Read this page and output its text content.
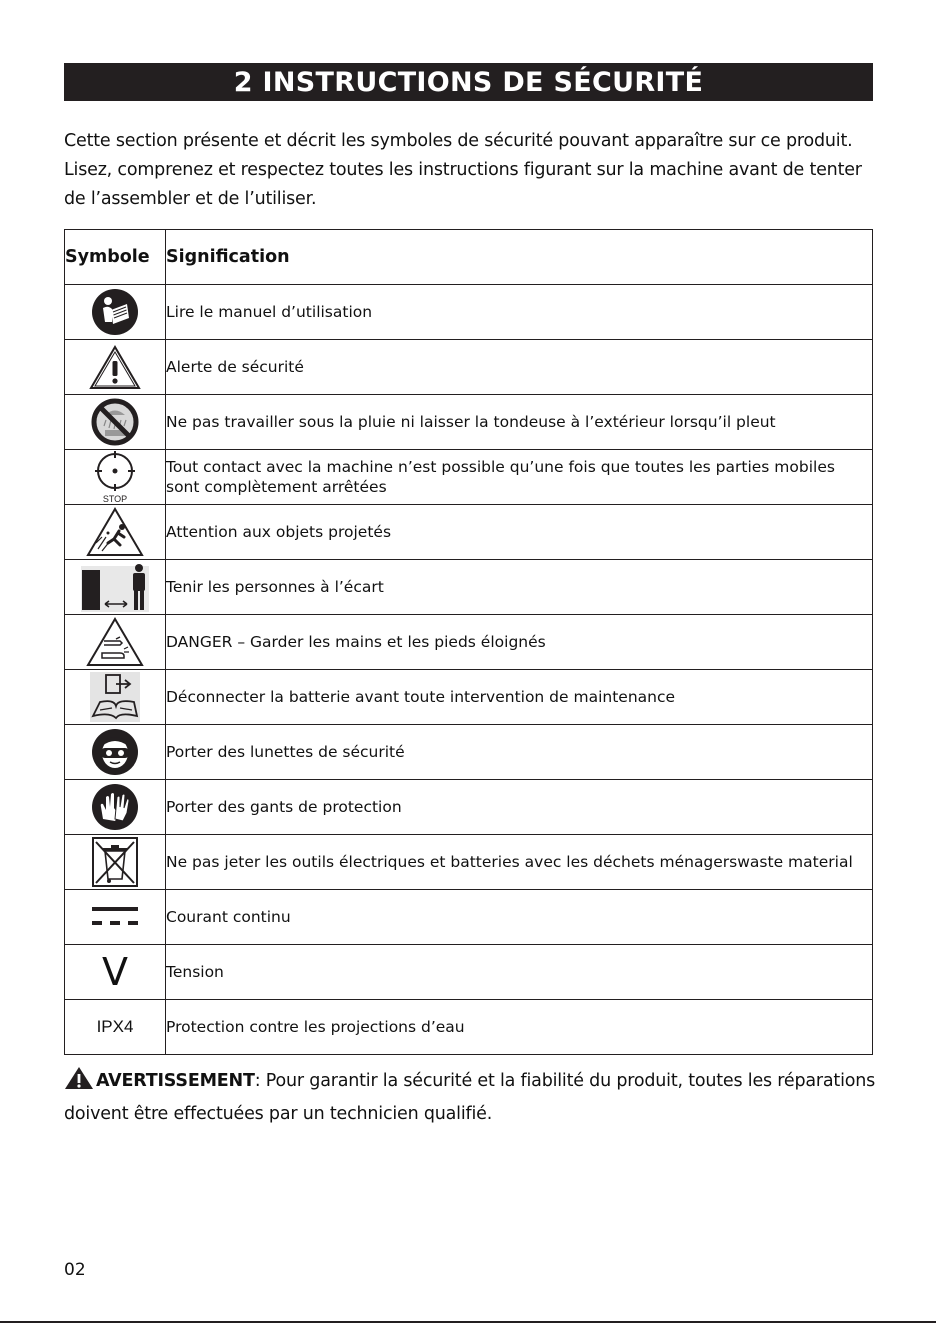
2 INSTRUCTIONS DE SÉCURITÉ

Cette section présente et décrit les symboles de sécurité pouvant apparaître sur ce produit. Lisez, comprenez et respectez toutes les instructions figurant sur la machine avant de tenter de l’assembler et de l’utiliser.

Symbole	Signification

	Lire le manuel d’utilisation

	Alerte de sécurité

	Ne pas travailler sous la pluie ni laisser la tondeuse à l’extérieur lorsqu’il pleut

STOP	Tout contact avec la machine n’est possible qu’une fois que toutes les parties mobiles sont complètement arrêtées

	Attention aux objets projetés

	Tenir les personnes à l’écart

	DANGER – Garder les mains et les pieds éloignés

	Déconnecter la batterie avant toute intervention de maintenance

	Porter des lunettes de sécurité

	Porter des gants de protection

	Ne pas jeter les outils électriques et batteries avec les déchets ménagerswaste material

	Courant continu
V	Tension
IPX4	Protection contre les projections d’eau

AVERTISSEMENT: Pour garantir la sécurité et la fiabilité du produit, toutes les réparations doivent être effectuées par un technicien qualifié.

02
